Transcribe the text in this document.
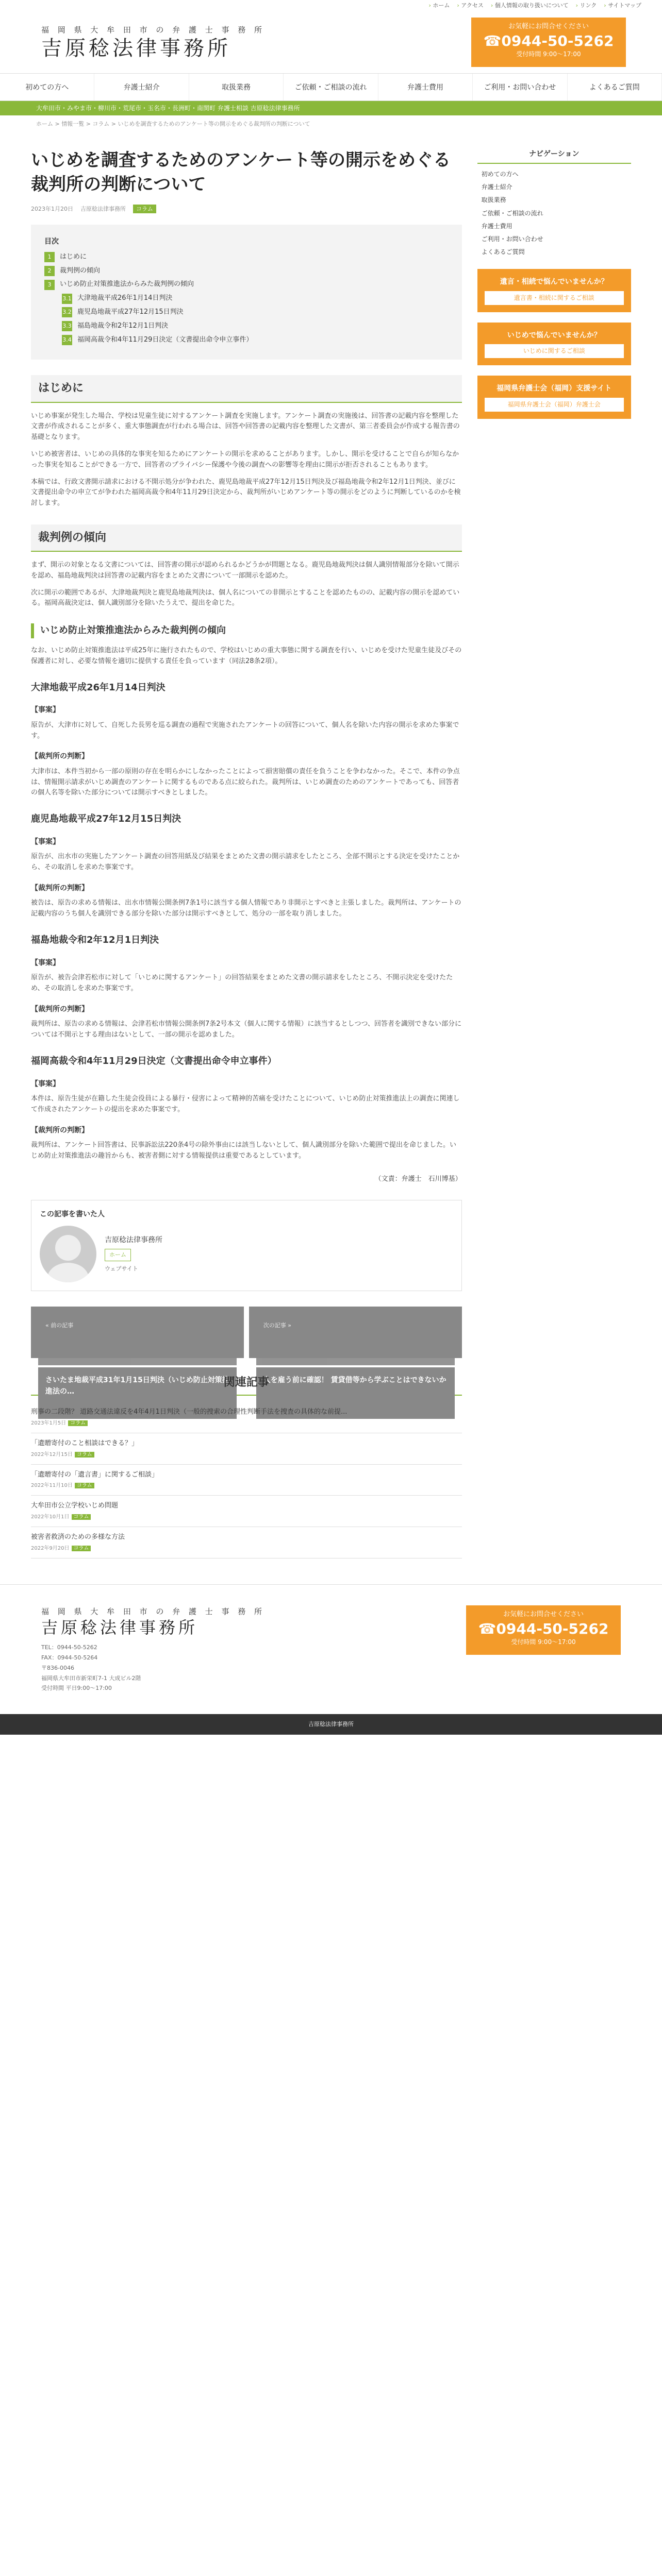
› ホーム	› アクセス	› 個人情報の取り扱いについて	› リンク	› サイトマップ
福 岡 県 大 牟 田 市 の 弁 護 士 事 務 所
吉原稔法律事務所
お気軽にお問合せください
☎0944-50-5262
受付時間 9:00～17:00
初めての方へ	弁護士紹介	取扱業務	ご依頼・ご相談の流れ	弁護士費用	ご利用・お問い合わせ	よくあるご質問
大牟田市・みやま市・柳川市・荒尾市・玉名市・長洲町・南関町 弁護士相談 吉原稔法律事務所
ホーム > 情報一覧 > コラム > いじめを調査するためのアンケート等の開示をめぐる裁判所の判断について
いじめを調査するためのアンケート等の開示をめぐる裁判所の判断について
2023年1月20日 吉原稔法律事務所	コラム
目次
1	はじめに
2	裁判例の傾向
3	いじめ防止対策推進法からみた裁判例の傾向
3.1 大津地裁平成26年1月14日判決
3.2 鹿児島地裁平成27年12月15日判決
3.3 福島地裁令和2年12月1日判決
3.4 福岡高裁令和4年11月29日決定（文書提出命令申立事件）
はじめに

いじめ事案が発生した場合、学校は児童生徒に対するアンケート調査を実施します。アンケート調査の実施後は、回答書の記載内容を整理した文書が作成されることが多く、重大事態調査が行われる場合は、回答や回答書の記載内容を整理した文書が、第三者委員会が作成する報告書の基礎となります。

いじめ被害者は、いじめの具体的な事実を知るためにアンケートの開示を求めることがあります。しかし、開示を受けることで自らが知らなかった事実を知ることができる一方で、回答者のプライバシー保護や今後の調査への影響等を理由に開示が拒否されることもあります。

本稿では、行政文書開示請求における不開示処分が争われた、鹿児島地裁平成27年12月15日判決及び福島地裁令和2年12月1日判決、並びに文書提出命令の申立てが争われた福岡高裁令和4年11月29日決定から、裁判所がいじめアンケート等の開示をどのように判断しているのかを検討します。

裁判例の傾向

まず、開示の対象となる文書については、回答書の開示が認められるかどうかが問題となる。鹿児島地裁判決は個人識別情報部分を除いて開示を認め、福島地裁判決は回答書の記載内容をまとめた文書について一部開示を認めた。

次に開示の範囲であるが、大津地裁判決と鹿児島地裁判決は、個人名についての非開示とすることを認めたものの、記載内容の開示を認めている。福岡高裁決定は、個人識別部分を除いたうえで、提出を命じた。

いじめ防止対策推進法からみた裁判例の傾向

なお、いじめ防止対策推進法は平成25年に施行されたもので、学校はいじめの重大事態に関する調査を行い、いじめを受けた児童生徒及びその保護者に対し、必要な情報を適切に提供する責任を負っています（同法28条2項）。

大津地裁平成26年1月14日判決
【事案】

原告が、大津市に対して、自死した長男を巡る調査の過程で実施されたアンケートの回答について、個人名を除いた内容の開示を求めた事案です。

【裁判所の判断】

大津市は、本件当初から一部の原則の存在を明らかにしなかったことによって損害賠償の責任を負うことを争わなかった。そこで、本件の争点は、情報開示請求がいじめ調査のアンケートに関するものである点に絞られた。裁判所は、いじめ調査のためのアンケートであっても、回答者の個人名等を除いた部分については開示すべきとしました。

鹿児島地裁平成27年12月15日判決
【事案】

原告が、出水市の実施したアンケート調査の回答用紙及び結果をまとめた文書の開示請求をしたところ、全部不開示とする決定を受けたことから、その取消しを求めた事案です。

【裁判所の判断】

被告は、原告の求める情報は、出水市情報公開条例7条1号に該当する個人情報であり非開示とすべきと主張しました。裁判所は、アンケートの記載内容のうち個人を識別できる部分を除いた部分は開示すべきとして、処分の一部を取り消しました。

福島地裁令和2年12月1日判決
【事案】

原告が、被告会津若松市に対して「いじめに関するアンケート」の回答結果をまとめた文書の開示請求をしたところ、不開示決定を受けたため、その取消しを求めた事案です。

【裁判所の判断】

裁判所は、原告の求める情報は、会津若松市情報公開条例7条2号本文（個人に関する情報）に該当するとしつつ、回答者を識別できない部分については不開示とする理由はないとして、一部の開示を認めました。

福岡高裁令和4年11月29日決定（文書提出命令申立事件）
【事案】

本件は、原告生徒が在籍した生徒会役員による暴行・侵害によって精神的苦痛を受けたことについて、いじめ防止対策推進法上の調査に関連して作成されたアンケートの提出を求めた事案です。

【裁判所の判断】

裁判所は、アンケート回答書は、民事訴訟法220条4号の除外事由には該当しないとして、個人識別部分を除いた範囲で提出を命じました。いじめ防止対策推進法の趣旨からも、被害者側に対する情報提供は重要であるとしています。

（文責：弁護士　石川博基）
この記事を書いた人
吉原稔法律事務所
ホーム
ウェブサイト
« 前の記事
さいたま地裁平成31年1月15日判決（いじめ防止対策推進法の…
次の記事 »
人を雇う前に確認！ 賃貸借等から学ぶことはできないか
関連記事
刑事の二段階？ 道路交通法違反を4年4月1日判決（一般的捜索の合理性判断手法を捜査の具体的な前提...
2023年1月5日 コラム
「遺贈寄付のこと相談はできる？」
2022年12月15日 コラム
「遺贈寄付の「遺言書」に関するご相談」
2022年11月10日 コラム
大牟田市公立学校いじめ問題
2022年10月1日 コラム
被害者救済のための多様な方法
2022年9月20日 コラム
ナビゲーション
初めての方へ
弁護士紹介
取扱業務
ご依頼・ご相談の流れ
弁護士費用
ご利用・お問い合わせ
よくあるご質問
遺言・相続で悩んでいませんか？
遺言書・相続に関するご相談
いじめで悩んでいませんか？
いじめに関するご相談
福岡県弁護士会（福岡）支援サイト
福岡県弁護士会（福岡）弁護士会
福 岡 県 大 牟 田 市 の 弁 護 士 事 務 所
吉原稔法律事務所
TEL：0944-50-5262
FAX：0944-50-5264
〒836-0046
福岡県大牟田市新栄町7-1 大成ビル2階
受付時間 平日9:00～17:00
お気軽にお問合せください
☎0944-50-5262
受付時間 9:00～17:00
吉原稔法律事務所
